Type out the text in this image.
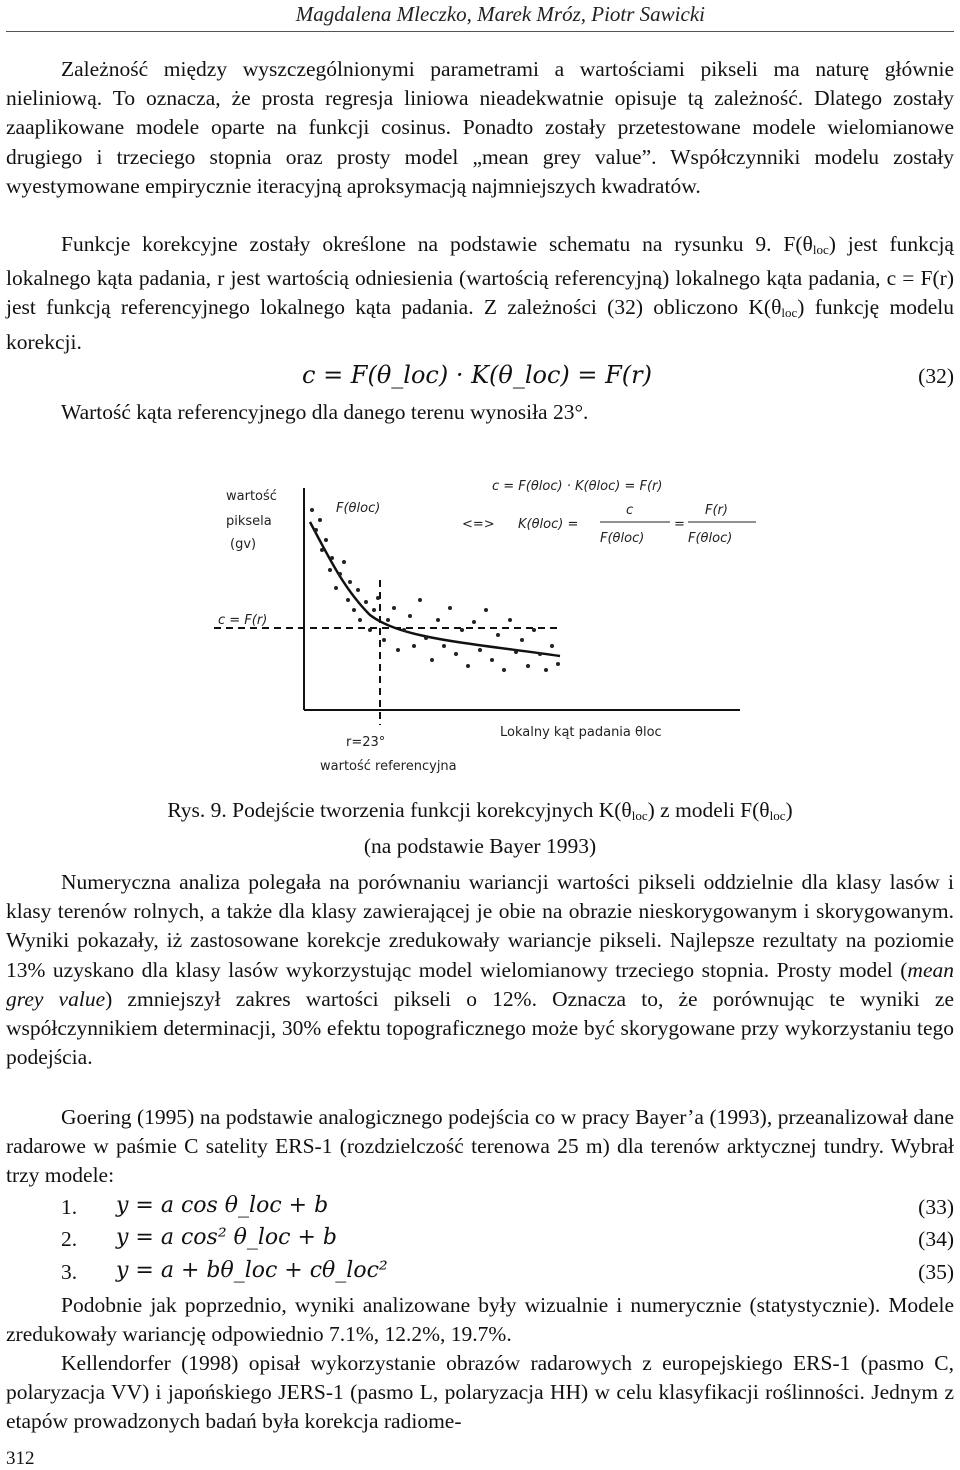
Magdalena Mleczko, Marek Mróz, Piotr Sawicki
Zależność między wyszczególnionymi parametrami a wartościami pikseli ma naturę głównie nieliniową. To oznacza, że prosta regresja liniowa nieadekwatnie opisuje tą zależność. Dlatego zostały zaaplikowane modele oparte na funkcji cosinus. Ponadto zostały przetestowane modele wielomianowe drugiego i trzeciego stopnia oraz prosty model „mean grey value”. Współczynniki modelu zostały wyestymowane empirycznie iteracyjną aproksymacją najmniejszych kwadratów.
Funkcje korekcyjne zostały określone na podstawie schematu na rysunku 9. $F(\theta_{loc})$ jest funkcją lokalnego kąta padania, r jest wartością odniesienia (wartością referencyjną) lokalnego kąta padania, c = F(r) jest funkcją referencyjnego lokalnego kąta padania. Z zależności (32) obliczono $K(\theta_{loc})$ funkcję modelu korekcji.
c = F(θ_loc) · K(θ_loc) = F(r)	(32)
Wartość kąta referencyjnego dla danego terenu wynosiła 23°.
wartość
piksela
(gv)
F(θloc)
c = F(r)
c = F(θloc) · K(θloc) = F(r)
<=> K(θloc) =
c
F(θloc)
=
F(r)
F(θloc)
r=23°
wartość referencyjna
Lokalny kąt padania θloc
Rys. 9. Podejście tworzenia funkcji korekcyjnych $K(\theta_{loc})$ z modeli $F(\theta_{loc})$
(na podstawie Bayer 1993)
Numeryczna analiza polegała na porównaniu wariancji wartości pikseli oddzielnie dla klasy lasów i klasy terenów rolnych, a także dla klasy zawierającej je obie na obrazie nieskorygowanym i skorygowanym. Wyniki pokazały, iż zastosowane korekcje zredukowały wariancje pikseli. Najlepsze rezultaty na poziomie 13% uzyskano dla klasy lasów wykorzystując model wielomianowy trzeciego stopnia. Prosty model (mean grey value) zmniejszył zakres wartości pikseli o 12%. Oznacza to, że porównując te wyniki ze współczynnikiem determinacji, 30% efektu topograficznego może być skorygowane przy wykorzystaniu tego podejścia.
Goering (1995) na podstawie analogicznego podejścia co w pracy Bayer’a (1993), przeanalizował dane radarowe w paśmie C satelity ERS-1 (rozdzielczość terenowa 25 m) dla terenów arktycznej tundry. Wybrał trzy modele:
1. y = a cos θ_loc + b	(33)
2. y = a cos² θ_loc + b	(34)
3. y = a + bθ_loc + cθ_loc²	(35)
Podobnie jak poprzednio, wyniki analizowane były wizualnie i numerycznie (statystycznie). Modele zredukowały wariancję odpowiednio 7.1%, 12.2%, 19.7%.
Kellendorfer (1998) opisał wykorzystanie obrazów radarowych z europejskiego ERS-1 (pasmo C, polaryzacja VV) i japońskiego JERS-1 (pasmo L, polaryzacja HH) w celu klasyfikacji roślinności. Jednym z etapów prowadzonych badań była korekcja radiome-
312
